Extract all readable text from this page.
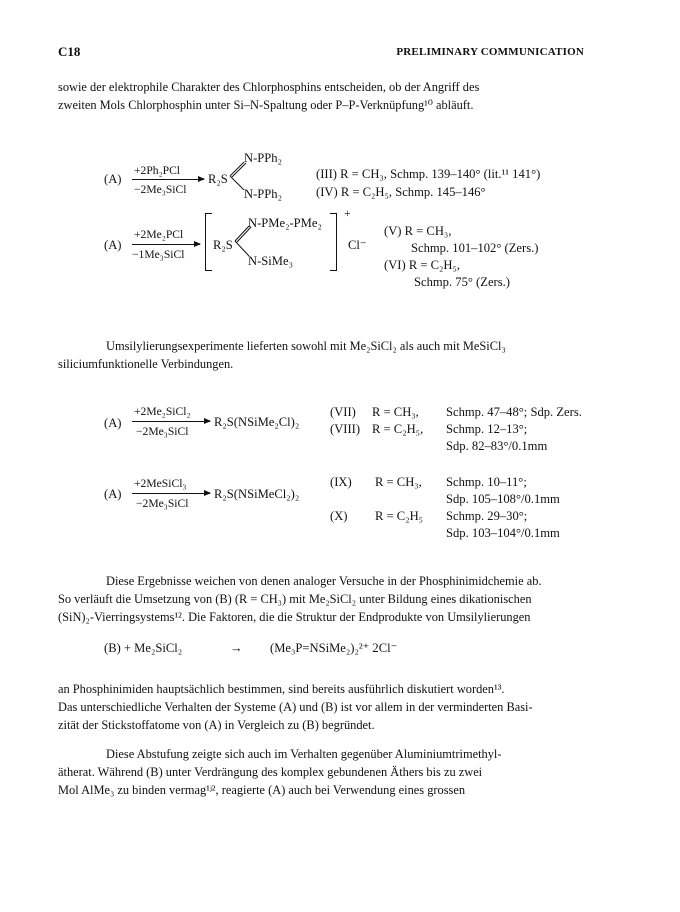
C18	PRELIMINARY COMMUNICATION
sowie der elektrophile Charakter des Chlorphosphins entscheiden, ob der Angriff des
zweiten Mols Chlorphosphin unter Si–N-Spaltung oder P–P-Verknüpfung¹⁰ abläuft.
(A)
+2Ph₂PCl
−2Me₃SiCl
R₂S
N-PPh₂
N-PPh₂
(III) R = CH₃, Schmp. 139–140° (lit.¹¹ 141°)
(IV) R = C₂H₅, Schmp. 145–146°
(A)
+2Me₂PCl
−1Me₃SiCl
R₂S
N-PMe₂-PMe₂
N-SiMe₃
+
Cl⁻
(V) R = CH₃,
Schmp. 101–102° (Zers.)
(VI) R = C₂H₅,
Schmp. 75° (Zers.)
Umsilylierungsexperimente lieferten sowohl mit Me₂SiCl₂ als auch mit MeSiCl₃
siliciumfunktionelle Verbindungen.
(A)
+2Me₂SiCl₂
−2Me₃SiCl
R₂S(NSiMe₂Cl)₂
(VII) R = CH₃, Schmp. 47–48°; Sdp. Zers.
(VIII) R = C₂H₅, Schmp. 12–13°;
Sdp. 82–83°/0.1mm
(A)
+2MeSiCl₃
−2Me₃SiCl
R₂S(NSiMeCl₂)₂
(IX) R = CH₃, Schmp. 10–11°;
Sdp. 105–108°/0.1mm
(X) R = C₂H₅ Schmp. 29–30°;
Sdp. 103–104°/0.1mm
Diese Ergebnisse weichen von denen analoger Versuche in der Phosphinimidchemie ab.
So verläuft die Umsetzung von (B) (R = CH₃) mit Me₂SiCl₂ unter Bildung eines dikationischen
(SiN)₂-Vierringsystems¹². Die Faktoren, die die Struktur der Endprodukte von Umsilylierungen
(B) + Me₂SiCl₂	→ (Me₃P=NSiMe₂)₂²⁺ 2Cl⁻
an Phosphinimiden hauptsächlich bestimmen, sind bereits ausführlich diskutiert worden¹³.
Das unterschiedliche Verhalten der Systeme (A) und (B) ist vor allem in der verminderten Basi-
zität der Stickstoffatome von (A) in Vergleich zu (B) begründet.
Diese Abstufung zeigte sich auch im Verhalten gegenüber Aluminiumtrimethyl-
ätherat. Während (B) unter Verdrängung des komplex gebundenen Äthers bis zu zwei
Mol AlMe₃ zu binden vermag¹ʲ², reagierte (A) auch bei Verwendung eines grossen
